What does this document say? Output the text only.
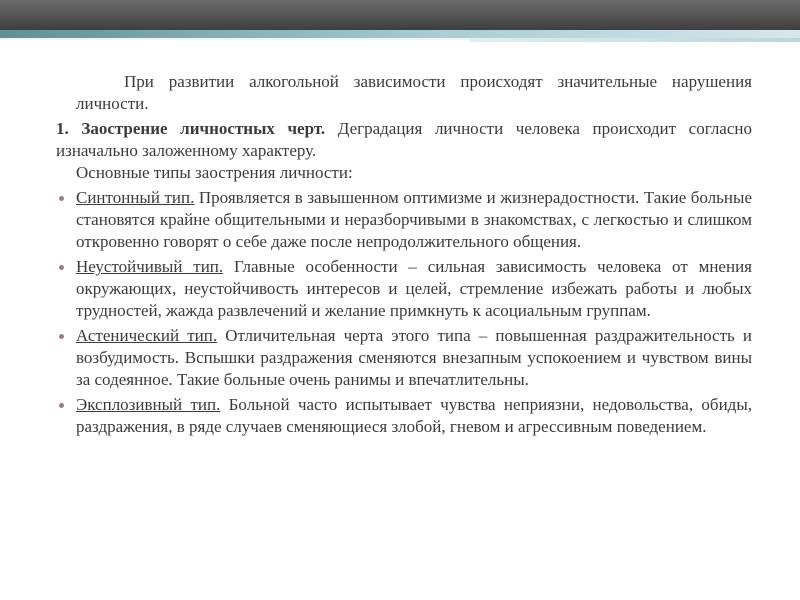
При развитии алкогольной зависимости происходят значительные нарушения личности.

1. Заострение личностных черт. Деградация личности человека происходит согласно изначально заложенному характеру.

Основные типы заострения личности:

Синтонный тип. Проявляется в завышенном оптимизме и жизнерадостности. Такие больные становятся крайне общительными и неразборчивыми в знакомствах, с легкостью и слишком откровенно говорят о себе даже после непродолжительного общения.
Неустойчивый тип. Главные особенности – сильная зависимость человека от мнения окружающих, неустойчивость интересов и целей, стремление избежать работы и любых трудностей, жажда развлечений и желание примкнуть к асоциальным группам.
Астенический тип. Отличительная черта этого типа – повышенная раздражительность и возбудимость. Вспышки раздражения сменяются внезапным успокоением и чувством вины за содеянное. Такие больные очень ранимы и впечатлительны.
Эксплозивный тип. Больной часто испытывает чувства неприязни, недовольства, обиды, раздражения, в ряде случаев сменяющиеся злобой, гневом и агрессивным поведением.
